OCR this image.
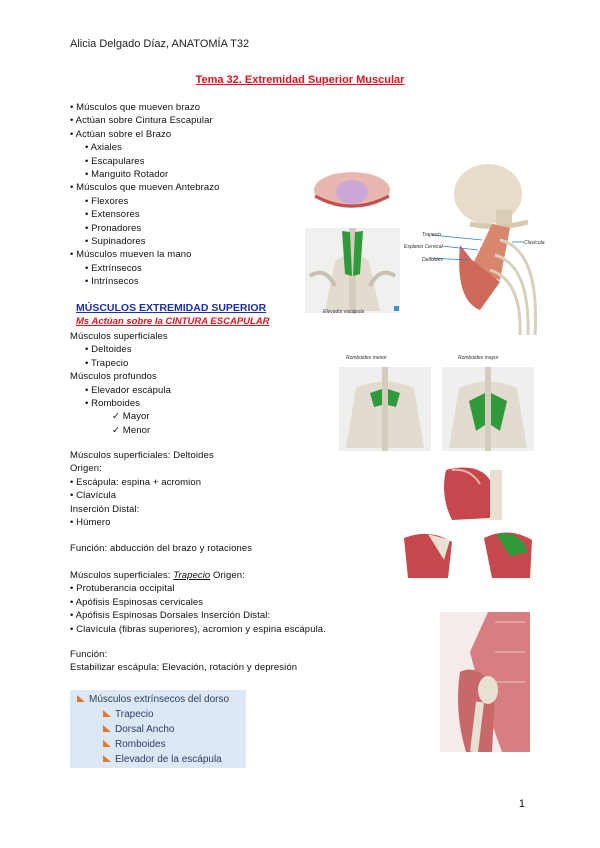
Alicia Delgado Díaz, ANATOMÍA T32
Tema 32. Extremidad Superior Muscular
• Músculos que mueven brazo
• Actúan sobre Cintura Escapular
• Actúan sobre el Brazo
• Axiales
• Escapulares
• Manguito Rotador
• Músculos que mueven Antebrazo
• Flexores
• Extensores
• Pronadores
• Supinadores
• Músculos mueven la mano
• Extrínsecos
• Intrínsecos
MÚSCULOS EXTREMIDAD SUPERIOR
Ms Actúan sobre la CINTURA ESCAPULAR
Músculos superficiales
• Deltoides
• Trapecio
Músculos profundos
• Elevador escápula
• Romboides
✓ Mayor
✓ Menor
Músculos superficiales: Deltoides
Origen:
• Escápula: espina + acromion
• Clavícula
Inserción Distal:
• Húmero
Función: abducción del brazo y rotaciones
Músculos superficiales: Trapecio Origen:
• Protuberancia occipital
• Apófisis Espinosas cervicales
• Apófisis Espinosas Dorsales Inserción Distal:
• Clavícula (fibras superiores), acromion y espina escápula.
Función:
Estabilizar escápula: Elevación, rotación y depresión
Músculos extrínsecos del dorso
Trapecio
Dorsal Ancho
Romboides
Elevador de la escápula
Elevador escápula
Trapecio
Esplenio Cervical
Deltoides
Clavícula
Romboides menor	Romboides mayor
1
